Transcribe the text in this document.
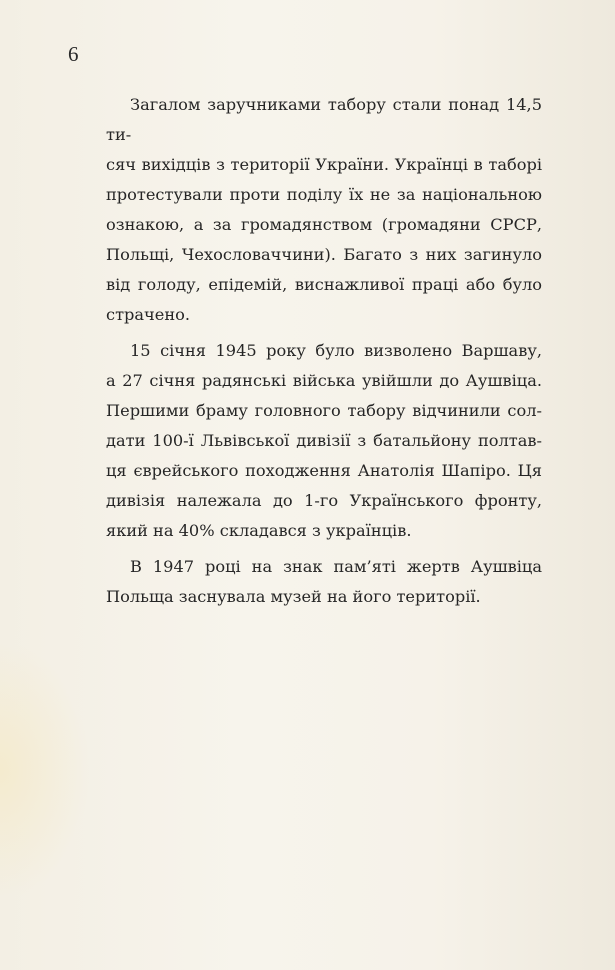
6

Загалом заручниками табору стали понад 14,5 ти-
сяч вихідців з території України. Українці в таборі
протестували проти поділу їх не за національною
ознакою, а за громадянством (громадяни СРСР,
Польщі, Чехословаччини). Багато з них загинуло
від голоду, епідемій, виснажливої праці або було
страчено.

15 січня 1945 року було визволено Варшаву,
а 27 січня радянські війська увійшли до Аушвіца.
Першими браму головного табору відчинили сол-
дати 100-ї Львівської дивізії з батальйону полтав-
ця єврейського походження Анатолія Шапіро. Ця
дивізія належала до 1-го Українського фронту,
який на 40% складався з українців.

В 1947 році на знак пам’яті жертв Аушвіца
Польща заснувала музей на його території.
